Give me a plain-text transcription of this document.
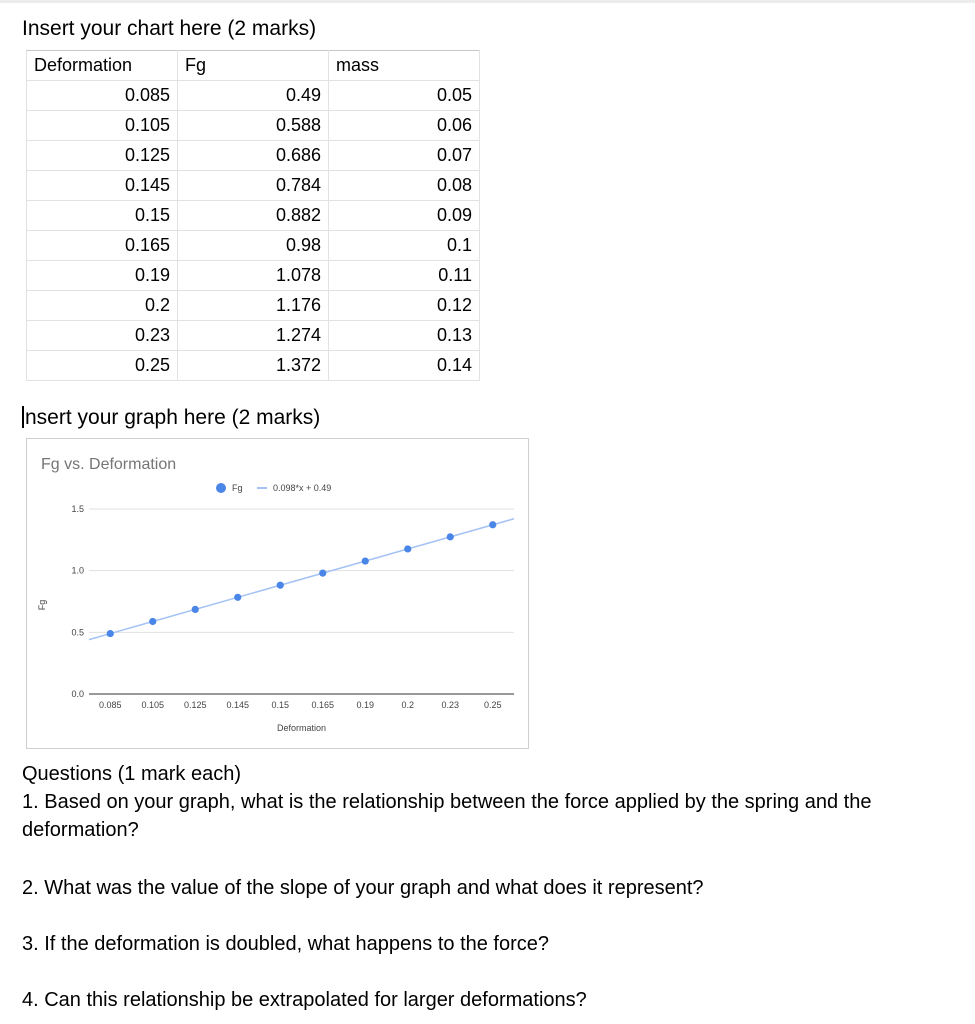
Insert your chart here (2 marks)
Deformation	Fg	mass
0.085	0.49	0.05
0.105	0.588	0.06
0.125	0.686	0.07
0.145	0.784	0.08
0.15	0.882	0.09
0.165	0.98	0.1
0.19	1.078	0.11
0.2	1.176	0.12
0.23	1.274	0.13
0.25	1.372	0.14
nsert your graph here (2 marks)
Fg vs. Deformation
Fg	0.098*x + 0.49
0.0
0.5
1.0
1.5
Fg
0.085 0.105 0.125 0.145 0.15 0.165 0.19	0.2	0.23	0.25
Deformation

Questions (1 mark each)

1. Based on your graph, what is the relationship between the force applied by the spring and the deformation?

2. What was the value of the slope of your graph and what does it represent?

3. If the deformation is doubled, what happens to the force?

4. Can this relationship be extrapolated for larger deformations?
